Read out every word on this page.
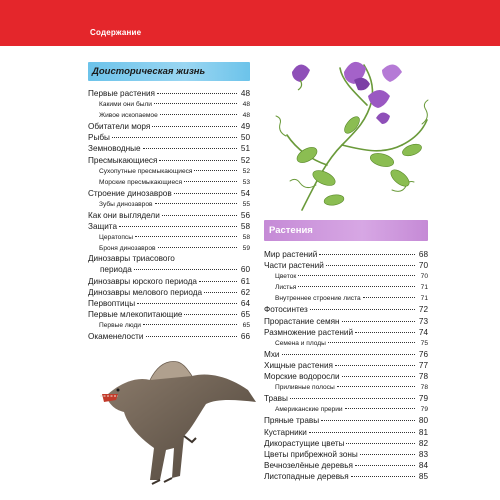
Содержание
Доисторическая жизнь
Первые растения	48
Какими они были	48
Живое ископаемое	48
Обитатели моря	49
Рыбы	50
Земноводные	51
Пресмыкающиеся	52
Сухопутные пресмыкающиеся	52
Морские пресмыкающиеся	53
Строение динозавров	54
Зубы динозавров	55
Как они выглядели	56
Защита	58
Цератопсы	58
Броня динозавров	59
Динозавры триасового
периода	60
Динозавры юрского периода	61
Динозавры мелового периода	62
Первоптицы	64
Первые млекопитающие	65
Первые люди	65
Окаменелости	66
Растения
Мир растений	68
Части растений	70
Цветок	70
Листья	71
Внутреннее строение листа	71
Фотосинтез	72
Прорастание семян	73
Размножение растений	74
Семена и плоды	75
Мхи	76
Хищные растения	77
Морские водоросли	78
Приливные полосы	78
Травы	79
Американские прерии	79
Пряные травы	80
Кустарники	81
Дикорастущие цветы	82
Цветы прибрежной зоны	83
Вечнозелёные деревья	84
Листопадные деревья	85
